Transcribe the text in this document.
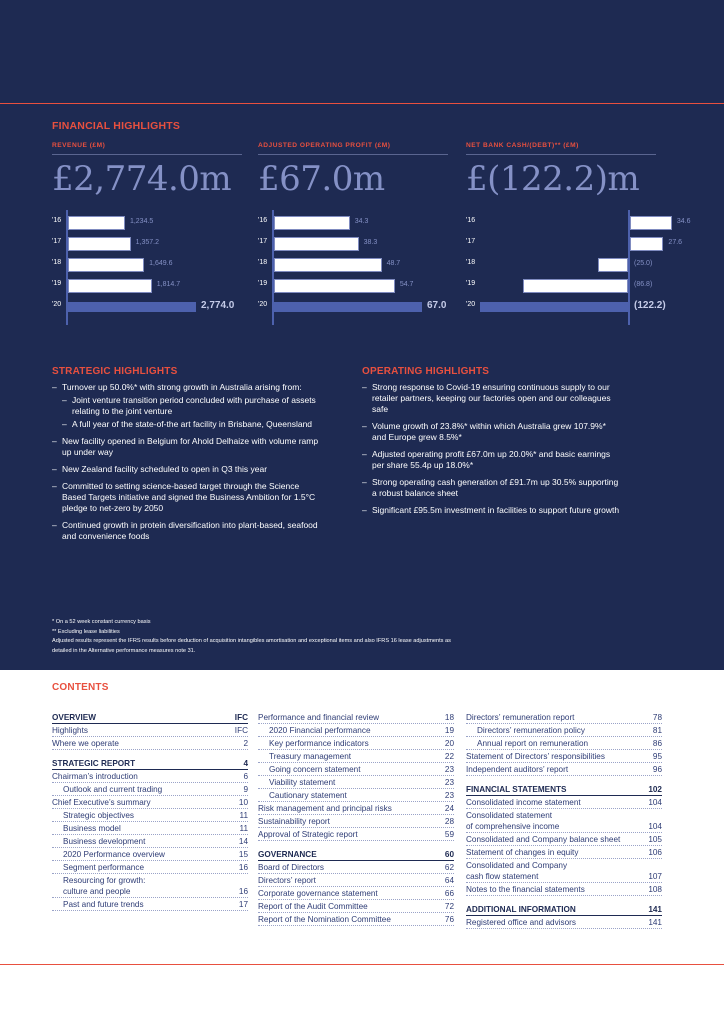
FINANCIAL HIGHLIGHTS
REVENUE (£M)
£2,774.0m
ADJUSTED OPERATING PROFIT (£M)
£67.0m
NET BANK CASH/(DEBT)** (£M)
£(122.2)m
'16	1,234.5
'17	1,357.2
'18	1,649.6
'19	1,814.7
'20	2,774.0
'16	34.3
'17	38.3
'18	48.7
'19	54.7
'20	67.0
'16	34.6
'17	27.6
'18	(25.0)
'19	(86.8)
'20	(122.2)
STRATEGIC HIGHLIGHTS
– Turnover up 50.0%* with strong growth in Australia arising from:
– Joint venture transition period concluded with purchase of assets relating to the joint venture
– A full year of the state-of-the art facility in Brisbane, Queensland
– New facility opened in Belgium for Ahold Delhaize with volume ramp up under way
– New Zealand facility scheduled to open in Q3 this year
– Committed to setting science-based target through the Science Based Targets initiative and signed the Business Ambition for 1.5°C pledge to net-zero by 2050
– Continued growth in protein diversification into plant-based, seafood and convenience foods
OPERATING HIGHLIGHTS
– Strong response to Covid-19 ensuring continuous supply to our retailer partners, keeping our factories open and our colleagues safe
– Volume growth of 23.8%* within which Australia grew 107.9%* and Europe grew 8.5%*
– Adjusted operating profit £67.0m up 20.0%* and basic earnings per share 55.4p up 18.0%*
– Strong operating cash generation of £91.7m up 30.5% supporting a robust balance sheet
– Significant £95.5m investment in facilities to support future growth
* On a 52 week constant currency basis
** Excluding lease liabilities
Adjusted results represent the IFRS results before deduction of acquisition intangibles amortisation and exceptional items and also IFRS 16 lease adjustments as detailed in the Alternative performance measures note 31.
CONTENTS
OVERVIEW	IFC
Highlights	IFC
Where we operate	2
STRATEGIC REPORT	4
Chairman’s introduction	6
Outlook and current trading	9
Chief Executive’s summary	10
Strategic objectives	11
Business model	11
Business development	14
2020 Performance overview	15
Segment performance	16
Resourcing for growth:
culture and people	16
Past and future trends	17
Performance and financial review	18
2020 Financial performance	19
Key performance indicators	20
Treasury management	22
Going concern statement	23
Viability statement	23
Cautionary statement	23
Risk management and principal risks	24
Sustainability report	28
Approval of Strategic report	59
GOVERNANCE	60
Board of Directors	62
Directors’ report	64
Corporate governance statement	66
Report of the Audit Committee	72
Report of the Nomination Committee	76
Directors’ remuneration report	78
Directors’ remuneration policy	81
Annual report on remuneration	86
Statement of Directors’ responsibilities	95
Independent auditors’ report	96
FINANCIAL STATEMENTS	102
Consolidated income statement	104
Consolidated statement
of comprehensive income	104
Consolidated and Company balance sheet	105
Statement of changes in equity	106
Consolidated and Company
cash flow statement	107
Notes to the financial statements	108
ADDITIONAL INFORMATION	141
Registered office and advisors	141
